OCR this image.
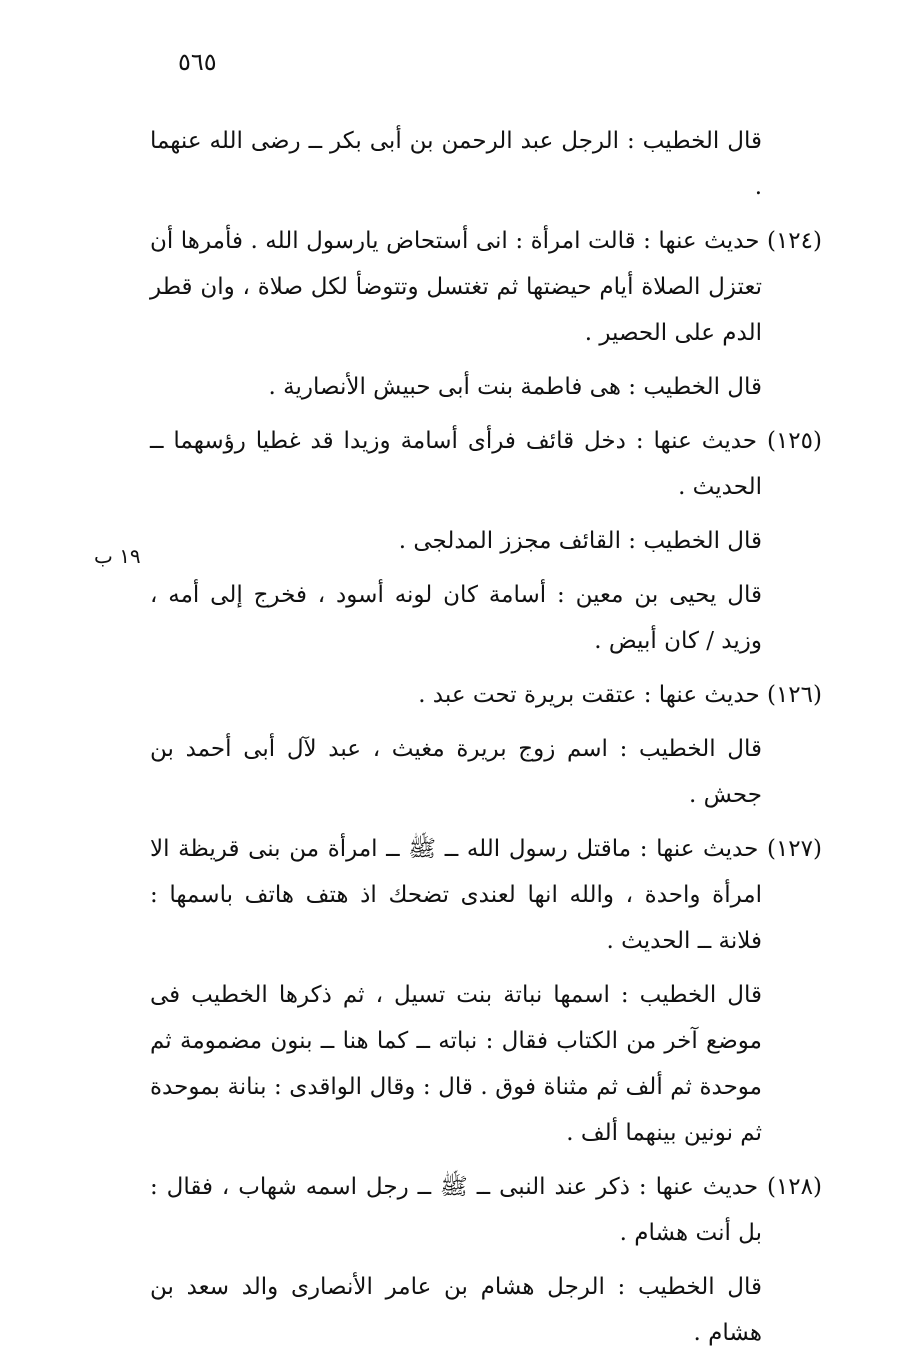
٥٦٥
١٩ ب

قال الخطيب : الرجل عبد الرحمن بن أبى بكر ــ رضى الله عنهما .

(١٢٤) حديث عنها : قالت امرأة : انى أستحاض يارسول الله . فأمرها أن تعتزل الصلاة أيام حيضتها ثم تغتسل وتتوضأ لكل صلاة ، وان قطر الدم على الحصير .

قال الخطيب : هى فاطمة بنت أبى حبيش الأنصارية .

(١٢٥) حديث عنها : دخل قائف فرأى أسامة وزيدا قد غطيا رؤسهما ــ الحديث .

قال الخطيب : القائف مجزز المدلجى .

قال يحيى بن معين : أسامة كان لونه أسود ، فخرج إلى أمه ، وزيد / كان أبيض .

(١٢٦) حديث عنها : عتقت بريرة تحت عبد .

قال الخطيب : اسم زوج بريرة مغيث ، عبد لآل أبى أحمد بن جحش .

(١٢٧) حديث عنها : ماقتل رسول الله ــ ﷺ ــ امرأة من بنى قريظة الا امرأة واحدة ، والله انها لعندى تضحك اذ هتف هاتف باسمها : فلانة ــ الحديث .

قال الخطيب : اسمها نباتة بنت تسيل ، ثم ذكرها الخطيب فى موضع آخر من الكتاب فقال : نباته ــ كما هنا ــ بنون مضمومة ثم موحدة ثم ألف ثم مثناة فوق . قال : وقال الواقدى : بنانة بموحدة ثم نونين بينهما ألف .

(١٢٨) حديث عنها : ذكر عند النبى ــ ﷺ ــ رجل اسمه شهاب ، فقال : بل أنت هشام .

قال الخطيب : الرجل هشام بن عامر الأنصارى والد سعد بن هشام .
